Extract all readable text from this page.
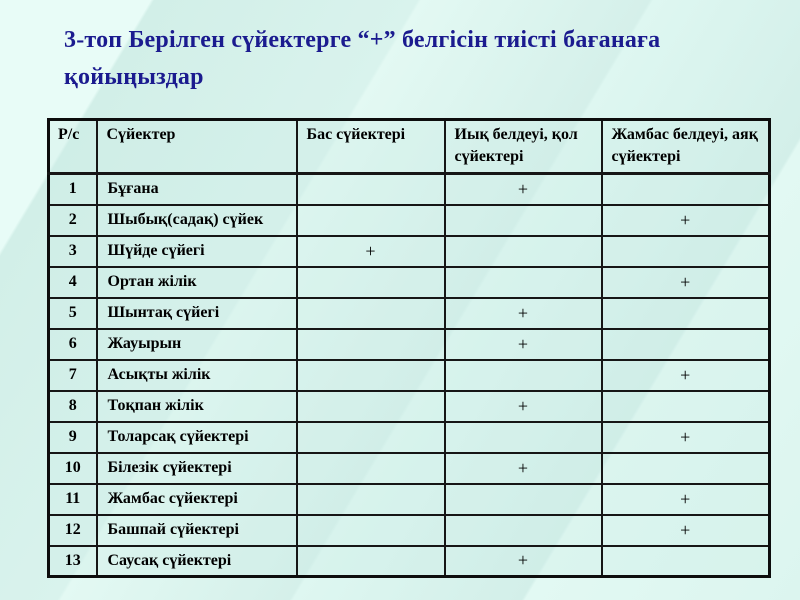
3-топ Берілген сүйектерге “+” белгісін тиісті бағанаға қойыңыздар
Р/с	Сүйектер	Бас сүйектері	Иық белдеуі, қол сүйектері	Жамбас белдеуі, аяқ сүйектері
1	Бұғана		+	
2	Шыбық(садақ) сүйек			+
3	Шүйде сүйегі	+		
4	Ортан жілік			+
5	Шынтақ сүйегі		+	
6	Жауырын		+	
7	Асықты жілік			+
8	Тоқпан жілік		+	
9	Толарсақ сүйектері			+
10	Білезік сүйектері		+	
11	Жамбас сүйектері			+
12	Башпай сүйектері			+
13	Саусақ сүйектері		+	
